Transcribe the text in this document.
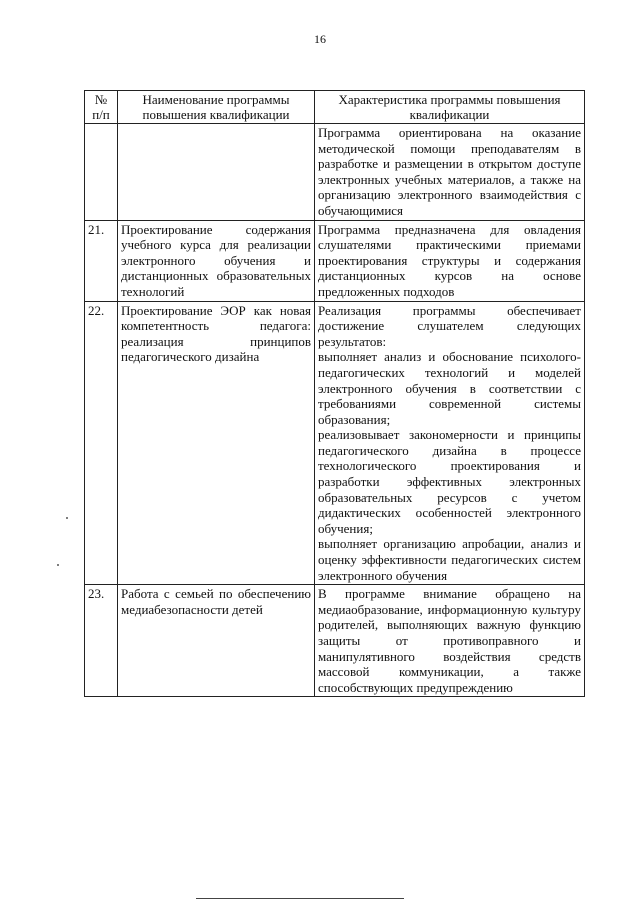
16
№ п/п	Наименование программы повышения квалификации	Характеристика программы повышения квалификации

		Программа ориентирована на оказание методической помощи преподавателям в разработке и размещении в открытом доступе электронных учебных материалов, а также на организацию электронного взаимодействия с обучающимися

21.	Проектирование содержания учебного курса для реализации электронного обучения и дистанционных образовательных технологий	Программа предназначена для овладения слушателями практическими приемами проектирования структуры и содержания дистанционных курсов на основе предложенных подходов

22.	Проектирование ЭОР как новая компетентность педагога: реализация принципов педагогического дизайна	Реализация программы обеспечивает достижение слушателем следующих результатов:
выполняет анализ и обоснование психолого-педагогических технологий и моделей электронного обучения в соответствии с требованиями современной системы образования;
реализовывает закономерности и принципы педагогического дизайна в процессе технологического проектирования и разработки эффективных электронных образовательных ресурсов с учетом дидактических особенностей электронного обучения;
выполняет организацию апробации, анализ и оценку эффективности педагогических систем электронного обучения

23.	Работа с семьей по обеспечению медиабезопасности детей	В программе внимание обращено на медиаобразование, информационную культуру родителей, выполняющих важную функцию защиты от противоправного и манипулятивного воздействия средств массовой коммуникации, а также способствующих предупреждению
